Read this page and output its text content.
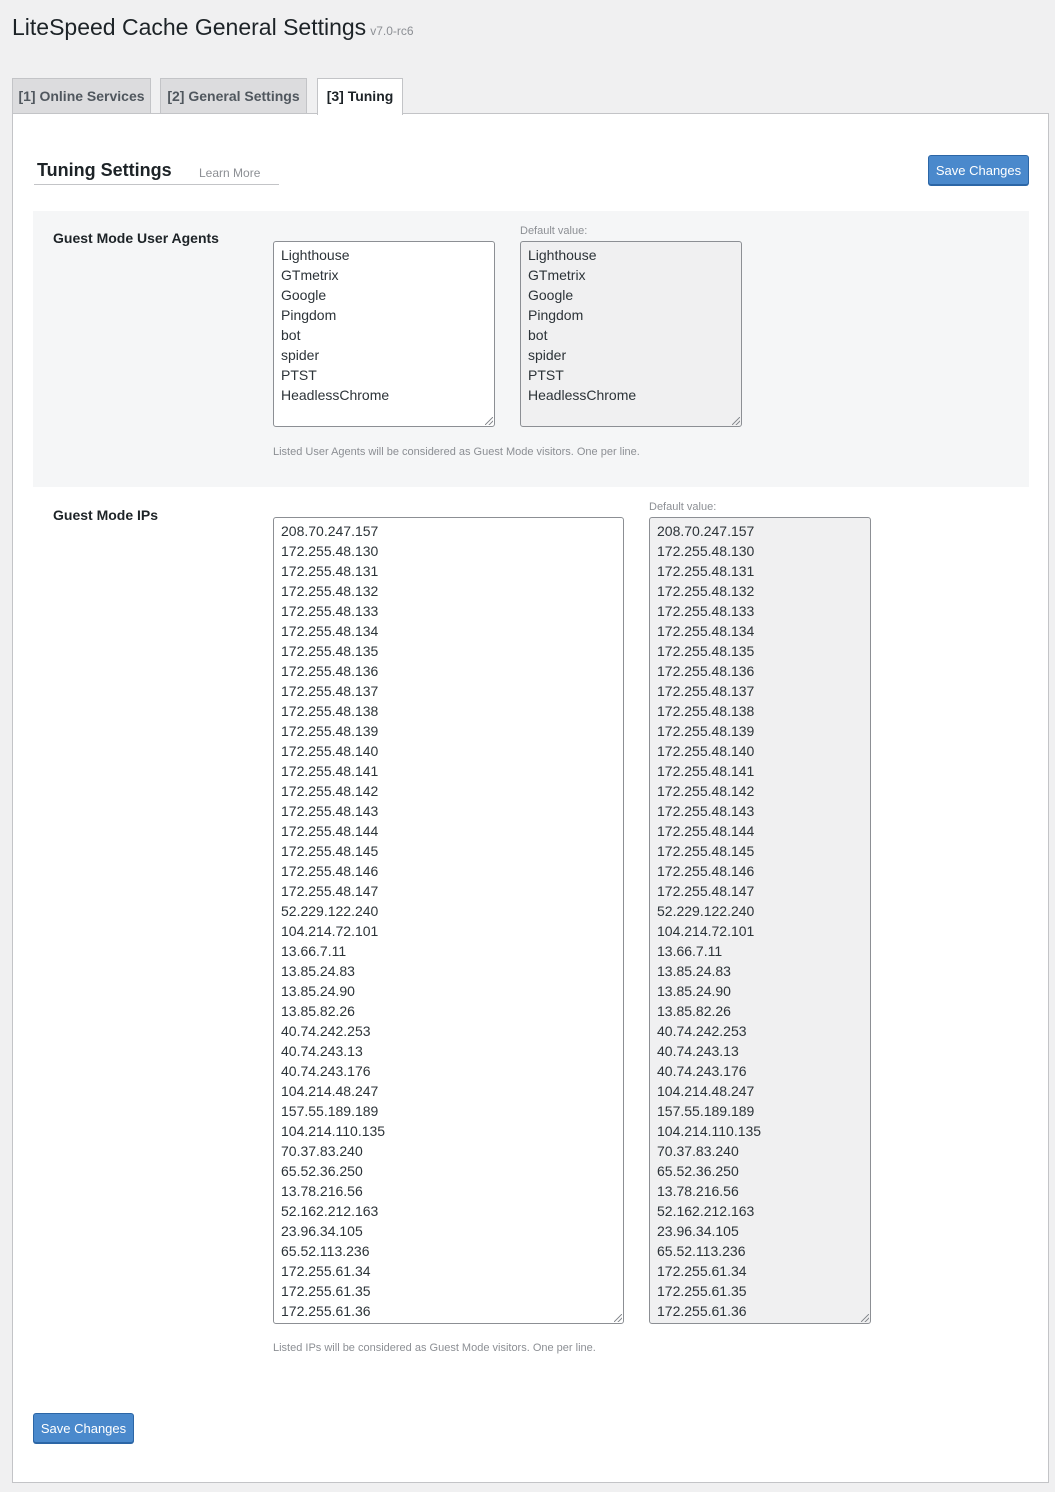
LiteSpeed Cache General Settings v7.0-rc6
[1] Online Services	[2] General Settings	[3] Tuning
Tuning Settings Learn More	Save Changes
Guest Mode User Agents
Lighthouse
GTmetrix
Google
Pingdom
bot
spider
PTST
HeadlessChrome
Default value:
Lighthouse
GTmetrix
Google
Pingdom
bot
spider
PTST
HeadlessChrome
Listed User Agents will be considered as Guest Mode visitors. One per line.
Guest Mode IPs
208.70.247.157
172.255.48.130
172.255.48.131
172.255.48.132
172.255.48.133
172.255.48.134
172.255.48.135
172.255.48.136
172.255.48.137
172.255.48.138
172.255.48.139
172.255.48.140
172.255.48.141
172.255.48.142
172.255.48.143
172.255.48.144
172.255.48.145
172.255.48.146
172.255.48.147
52.229.122.240
104.214.72.101
13.66.7.11
13.85.24.83
13.85.24.90
13.85.82.26
40.74.242.253
40.74.243.13
40.74.243.176
104.214.48.247
157.55.189.189
104.214.110.135
70.37.83.240
65.52.36.250
13.78.216.56
52.162.212.163
23.96.34.105
65.52.113.236
172.255.61.34
172.255.61.35
172.255.61.36
Default value:
208.70.247.157
172.255.48.130
172.255.48.131
172.255.48.132
172.255.48.133
172.255.48.134
172.255.48.135
172.255.48.136
172.255.48.137
172.255.48.138
172.255.48.139
172.255.48.140
172.255.48.141
172.255.48.142
172.255.48.143
172.255.48.144
172.255.48.145
172.255.48.146
172.255.48.147
52.229.122.240
104.214.72.101
13.66.7.11
13.85.24.83
13.85.24.90
13.85.82.26
40.74.242.253
40.74.243.13
40.74.243.176
104.214.48.247
157.55.189.189
104.214.110.135
70.37.83.240
65.52.36.250
13.78.216.56
52.162.212.163
23.96.34.105
65.52.113.236
172.255.61.34
172.255.61.35
172.255.61.36
Listed IPs will be considered as Guest Mode visitors. One per line.
Save Changes
